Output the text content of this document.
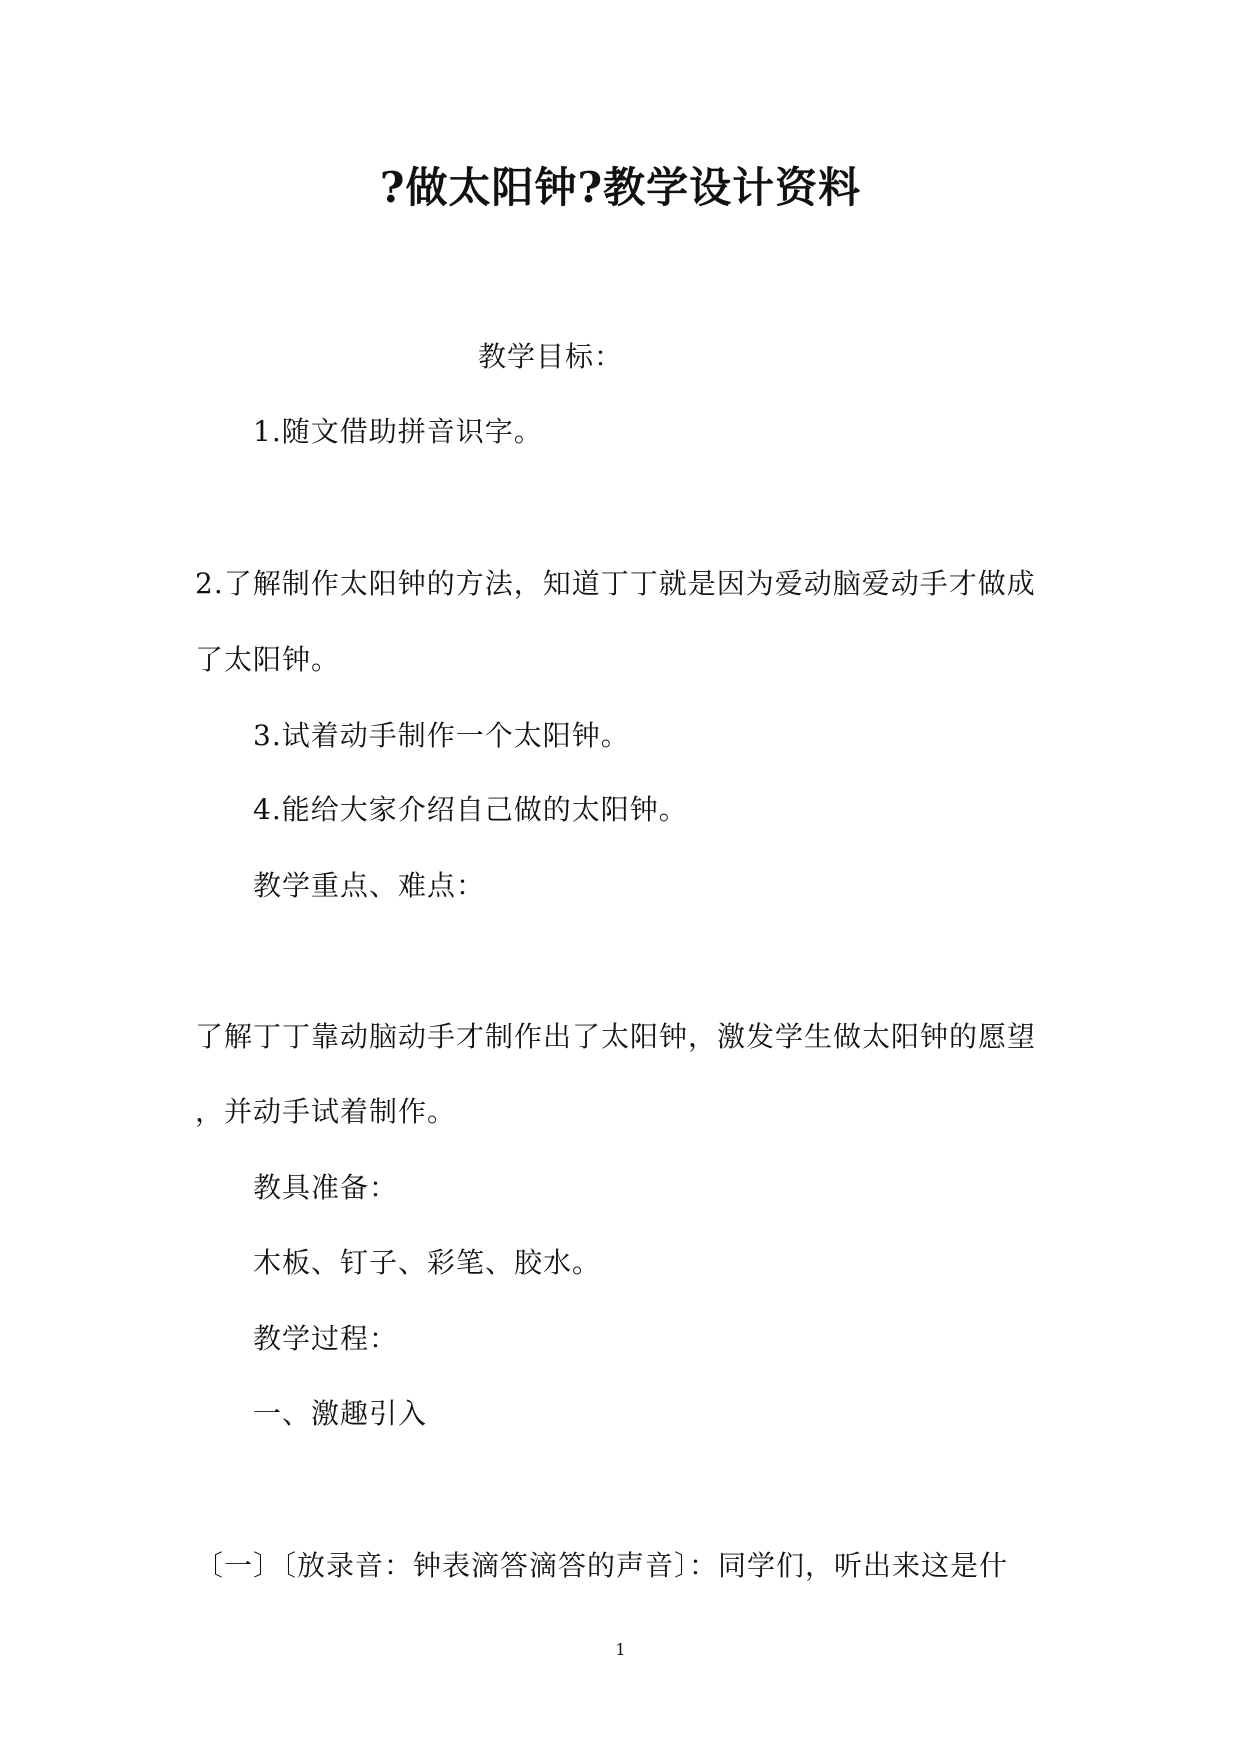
?做太阳钟?教学设计资料
教学目标：
1.随文借助拼音识字。
2.了解制作太阳钟的方法，知道丁丁就是因为爱动脑爱动手才做成
了太阳钟。
3.试着动手制作一个太阳钟。
4.能给大家介绍自己做的太阳钟。
教学重点、难点：
了解丁丁靠动脑动手才制作出了太阳钟，激发学生做太阳钟的愿望
，并动手试着制作。
教具准备：
木板、钉子、彩笔、胶水。
教学过程：
一、激趣引入
〔一〕〔放录音：钟表滴答滴答的声音〕：同学们，听出来这是什
1
